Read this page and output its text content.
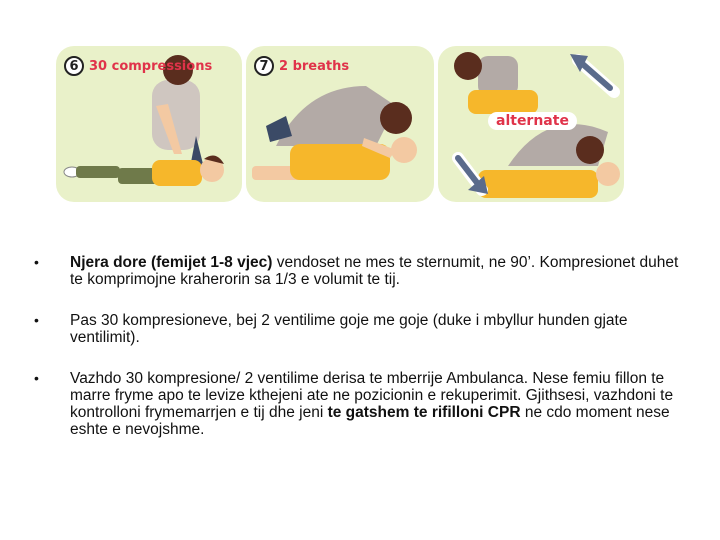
6 30 compressions	7 2 breaths
alternate
•	Njera dore (femijet 1-8 vjec) vendoset ne mes te sternumit, ne 90’. Kompresionet duhet te komprimojne kraherorin sa 1/3 e volumit te tij.
•	Pas 30 kompresioneve, bej 2 ventilime goje me goje (duke i mbyllur hunden gjate ventilimit).
•	Vazhdo 30 kompresione/ 2 ventilime derisa te mberrije Ambulanca. Nese femiu fillon te marre fryme apo te levize kthejeni ate ne pozicionin e rekuperimit. Gjithsesi, vazhdoni te kontrolloni frymemarrjen e tij dhe jeni te gatshem te rifilloni CPR ne cdo moment nese eshte e nevojshme.
